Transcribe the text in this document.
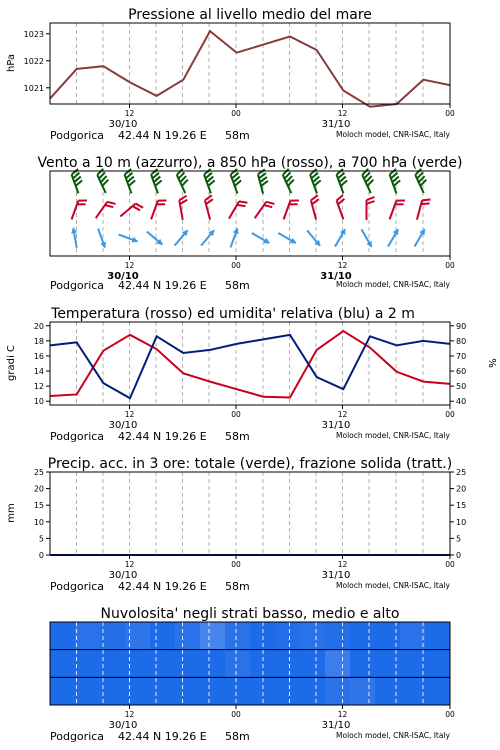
Pressione al livello medio del mare
1021
1022
1023
hPa
12	00	12	00
30/10	31/10
Podgorica 42.44 N 19.26 E 58m	Moloch model, CNR-ISAC, Italy
Vento a 10 m (azzurro), a 850 hPa (rosso), a 700 hPa (verde)
12	00	12	00
30/10	31/10
Podgorica 42.44 N 19.26 E 58m	Moloch model, CNR-ISAC, Italy
Temperatura (rosso) ed umidita' relativa (blu) a 2 m
10
12
14
16
18
20
40
50
60
70
80
90
gradi C	%
12	00	12	00
30/10	31/10
Podgorica 42.44 N 19.26 E 58m	Moloch model, CNR-ISAC, Italy
Precip. acc. in 3 ore: totale (verde), frazione solida (tratt.)
0	0
5	5
10	10
15	15
20	20
25	25
mm
12	00	12	00
30/10	31/10
Podgorica 42.44 N 19.26 E 58m	Moloch model, CNR-ISAC, Italy
Nuvolosita' negli strati basso, medio e alto
12	00	12	00
30/10	31/10
Podgorica 42.44 N 19.26 E 58m	Moloch model, CNR-ISAC, Italy
